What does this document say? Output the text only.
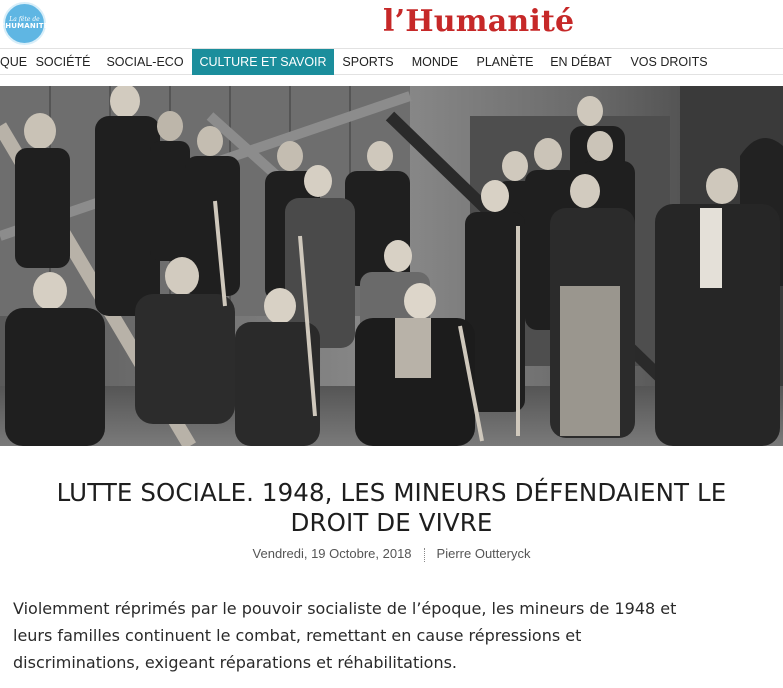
La fête de
l'HUMANITÉ	l’Humanité
QUE SOCIÉTÉ	SOCIAL-ECO	CULTURE ET SAVOIR	SPORTS	MONDE	PLANÈTE	EN DÉBAT	VOS DROITS
LUTTE SOCIALE. 1948, LES MINEURS DÉFENDAIENT LE
DROIT DE VIVRE
Vendredi, 19 Octobre, 2018 Pierre Outteryck
Violemment réprimés par le pouvoir socialiste de l’époque, les mineurs de 1948 et
leurs familles continuent le combat, remettant en cause répressions et
discriminations, exigeant réparations et réhabilitations.
